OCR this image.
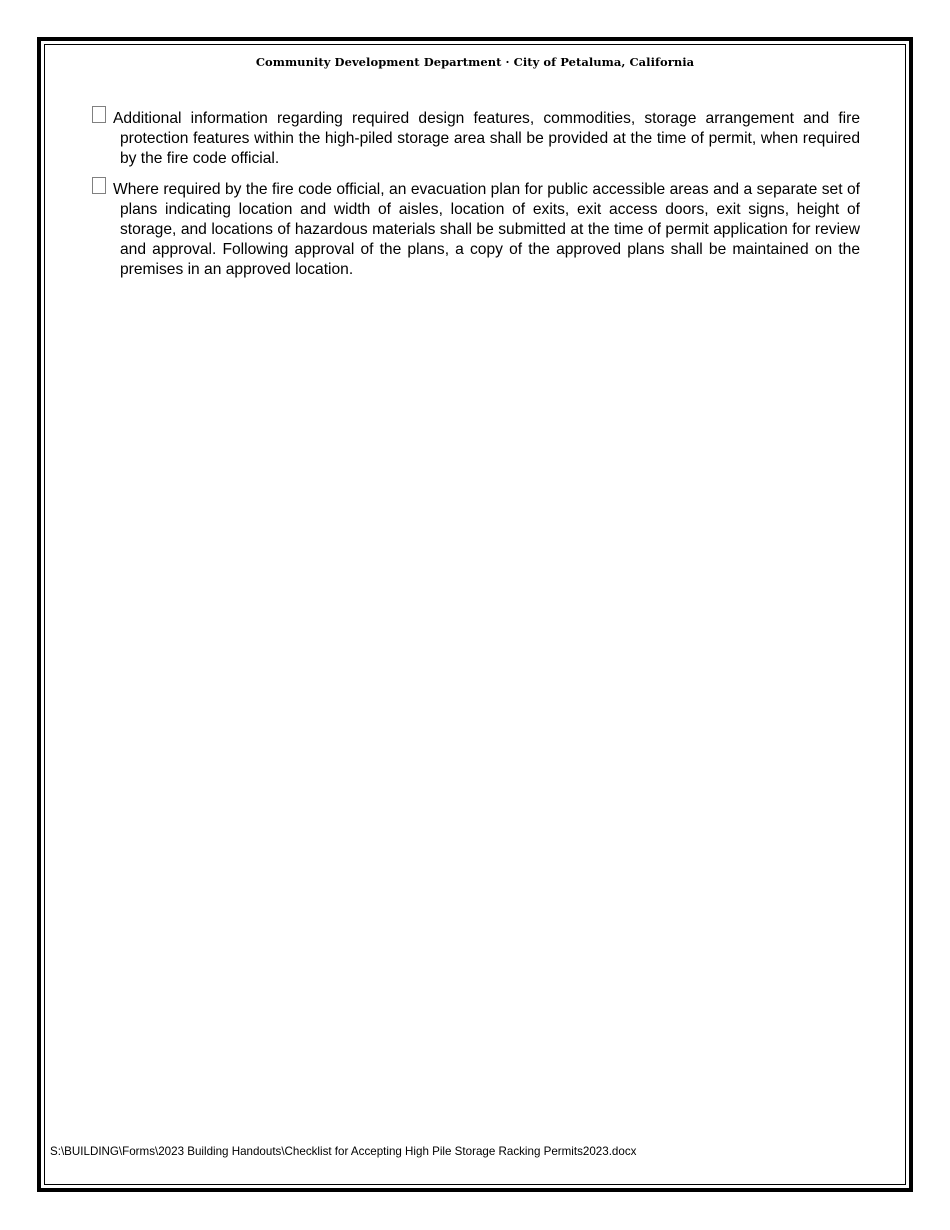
Community Development Department · City of Petaluma, California
Additional information regarding required design features, commodities, storage arrangement and fire protection features within the high-piled storage area shall be provided at the time of permit, when required by the fire code official.
Where required by the fire code official, an evacuation plan for public accessible areas and a separate set of plans indicating location and width of aisles, location of exits, exit access doors, exit signs, height of storage, and locations of hazardous materials shall be submitted at the time of permit application for review and approval. Following approval of the plans, a copy of the approved plans shall be maintained on the premises in an approved location.
S:\BUILDING\Forms\2023 Building Handouts\Checklist for Accepting High Pile Storage Racking Permits2023.docx
